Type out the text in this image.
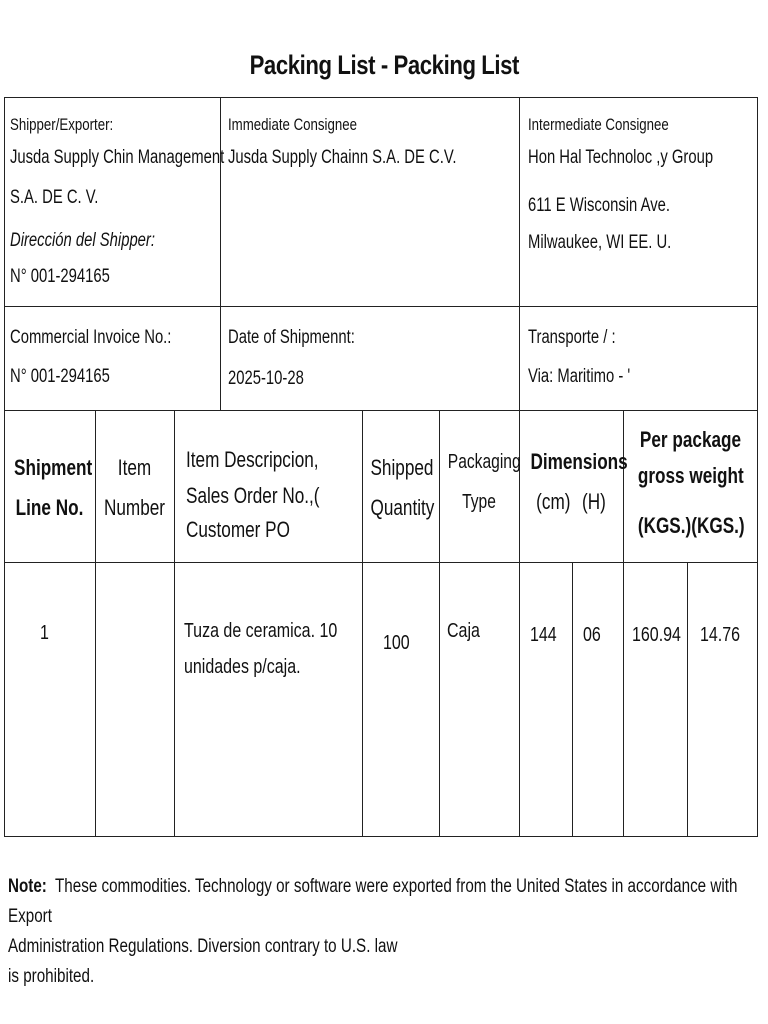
Packing List - Packing List
Shipper/Exporter:
Jusda Supply Chin Management
S.A. DE C. V.
Dirección del Shipper:
N° 001-294165
Immediate Consignee
Jusda Supply Chainn S.A. DE C.V.
Intermediate Consignee
Hon Hal Technoloc ,y Group
611 E Wisconsin Ave.
Milwaukee, WI EE. U.
Commercial Invoice No.:
N° 001-294165
Date of Shipmennt:
2025-10-28
Transporte / :
Via: Maritimo - '
Shipment
Line No.
Item
Number
Item Descripcion,
Sales Order No.,(
Customer PO
Shipped
Quantity
Packaging
Type
Dimensions
(cm) (H)
Per package
gross weight
(KGS.) (KGS.)
1	Tuza de ceramica. 10
unidades p/caja.
100
Caja	144 06 160.94 14.76
Note: These commodities. Technology or software were exported from the United States in accordance with Export
Administration Regulations. Diversion contrary to U.S. law
is prohibited.
